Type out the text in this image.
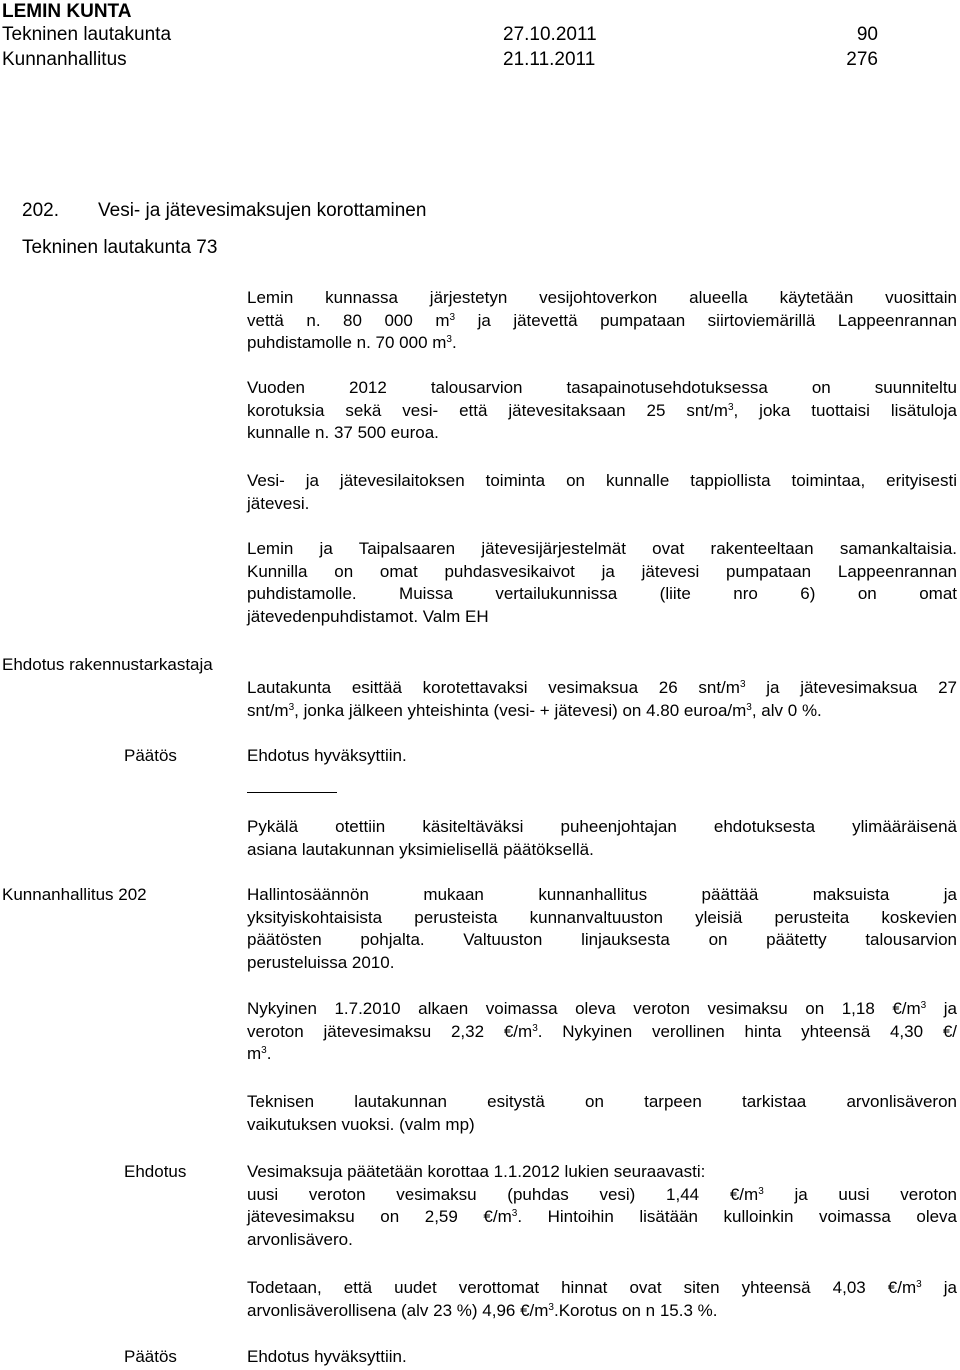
LEMIN KUNTA
Tekninen lautakunta	27.10.2011	90
Kunnanhallitus	21.11.2011	276
202. Vesi- ja jätevesimaksujen korottaminen
Tekninen lautakunta 73
Lemin kunnassa järjestetyn vesijohtoverkon alueella käytetään vuosittain
vettä n. 80 000 $m^3$ ja jätevettä pumpataan siirtoviemärillä Lappeenrannan
puhdistamolle n. 70 000 $m^3$.
Vuoden 2012 talousarvion tasapainotusehdotuksessa on suunniteltu
korotuksia sekä vesi- että jätevesitaksaan 25 snt/$m^3$, joka tuottaisi lisätuloja
kunnalle n. 37 500 euroa.
Vesi- ja jätevesilaitoksen toiminta on kunnalle tappiollista toimintaa, erityisesti
jätevesi.
Lemin ja Taipalsaaren jätevesijärjestelmät ovat rakenteeltaan samankaltaisia.
Kunnilla on omat puhdasvesikaivot ja jätevesi pumpataan Lappeenrannan
puhdistamolle. Muissa vertailukunnissa (liite nro 6) on omat
jätevedenpuhdistamot. Valm EH
Ehdotus rakennustarkastaja
Lautakunta esittää korotettavaksi vesimaksua 26 snt/$m^3$ ja jätevesimaksua 27
snt/$m^3$, jonka jälkeen yhteishinta (vesi- + jätevesi) on 4.80 euroa/$m^3$, alv 0 %.
Päätös	Ehdotus hyväksyttiin.
Pykälä otettiin käsiteltäväksi puheenjohtajan ehdotuksesta ylimääräisenä
asiana lautakunnan yksimielisellä päätöksellä.
Kunnanhallitus 202	Hallintosäännön mukaan kunnanhallitus päättää maksuista ja
yksityiskohtaisista perusteista kunnanvaltuuston yleisiä perusteita koskevien
päätösten pohjalta. Valtuuston linjauksesta on päätetty talousarvion
perusteluissa 2010.
Nykyinen 1.7.2010 alkaen voimassa oleva veroton vesimaksu on 1,18 $€/m^3$ ja
veroton jätevesimaksu 2,32 $€/m^3$. Nykyinen verollinen hinta yhteensä 4,30 €/
$m^3$.
Teknisen lautakunnan esitystä on tarpeen tarkistaa arvonlisäveron
vaikutuksen vuoksi. (valm mp)
Ehdotus	Vesimaksuja päätetään korottaa 1.1.2012 lukien seuraavasti:
uusi veroton vesimaksu (puhdas vesi) 1,44 $€/m^3$ ja uusi veroton
jätevesimaksu on 2,59 $€/m^3$. Hintoihin lisätään kulloinkin voimassa oleva
arvonlisävero.
Todetaan, että uudet verottomat hinnat ovat siten yhteensä 4,03 $€/m^3$ ja
arvonlisäverollisena (alv 23 %) 4,96 $€/m^3.Korotus$ on n 15.3 %.
Päätös	Ehdotus hyväksyttiin.
